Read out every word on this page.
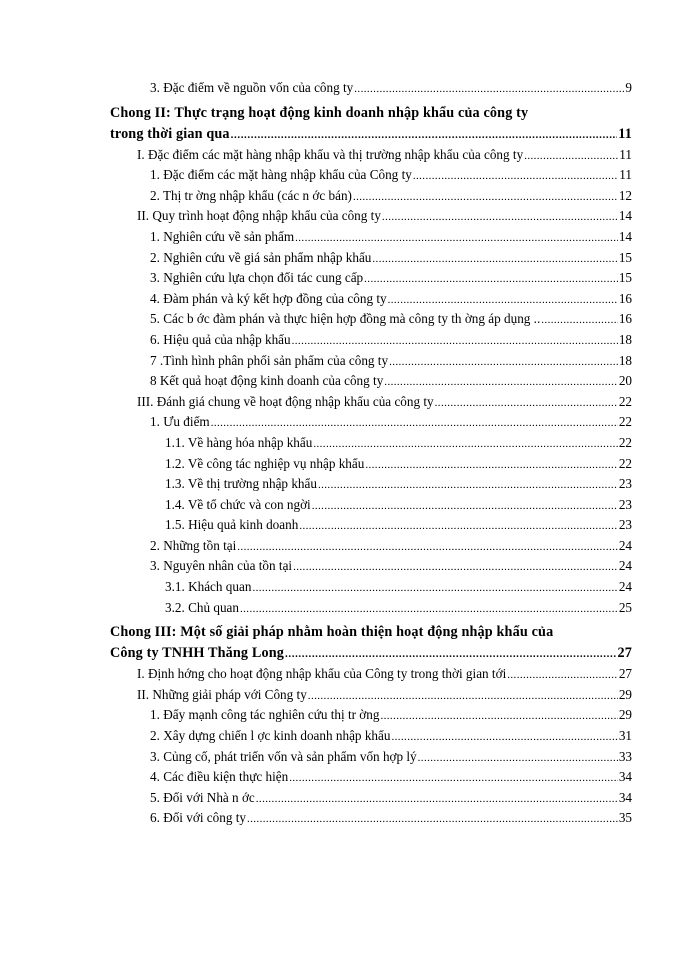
3. Đặc điểm về nguồn vốn của công ty .....	9
Chong II: Thực trạng hoạt động kinh doanh nhập khẩu của công ty
trong thời gian qua .....	11
I. Đặc điểm các mặt hàng nhập khẩu và thị trường nhập khẩu của công ty .....	11
1. Đặc điểm các mặt hàng nhập khẩu của Công ty .....	11
2. Thị tr ờng nhập khẩu (các n ớc bán) .....	12
II. Quy trình hoạt động nhập khẩu của công ty .....	14
1. Nghiên cứu về sản phẩm .....	14
2. Nghiên cứu về giá sản phẩm nhập khẩu .....	15
3. Nghiên cứu lựa chọn đối tác cung cấp .....	15
4. Đàm phán và ký kết hợp đồng của công ty .....	16
5. Các b ớc đàm phán và thực hiện hợp đồng mà công ty th ờng áp dụng .. .....	16
6. Hiệu quả của nhập khẩu .....	18
7 .Tình hình phân phối sản phẩm của công ty .....	18
8 Kết quả hoạt động kinh doanh của công ty .....	20
III. Đánh giá chung về hoạt động nhập khẩu của công ty .....	22
1. Ưu điểm .....	22
1.1. Về hàng hóa nhập khẩu .....	22
1.2. Về công tác nghiệp vụ nhập khẩu .....	22
1.3. Về thị trường nhập khẩu .....	23
1.4. Về tổ chức và con ngời .....	23
1.5. Hiệu quả kinh doanh .....	23
2. Những tồn tại .....	24
3. Nguyên nhân của tồn tại .....	24
3.1. Khách quan .....	24
3.2. Chủ quan .....	25
Chong III: Một số giải pháp nhằm hoàn thiện hoạt động nhập khẩu của
Công ty TNHH Thăng Long .....	27
I. Định hớng cho hoạt động nhập khẩu của Công ty trong thời gian tới .....	27
II. Những giải pháp với Công ty .....	29
1. Đẩy mạnh công tác nghiên cứu thị tr ờng .....	29
2. Xây dựng chiến l ợc kinh doanh nhập khẩu .....	31
3. Củng cố, phát triển vốn và sản phẩm vốn hợp lý .....	33
4. Các điều kiện thực hiện .....	34
5. Đối với Nhà n ớc .....	34
6. Đối với công ty .....	35
